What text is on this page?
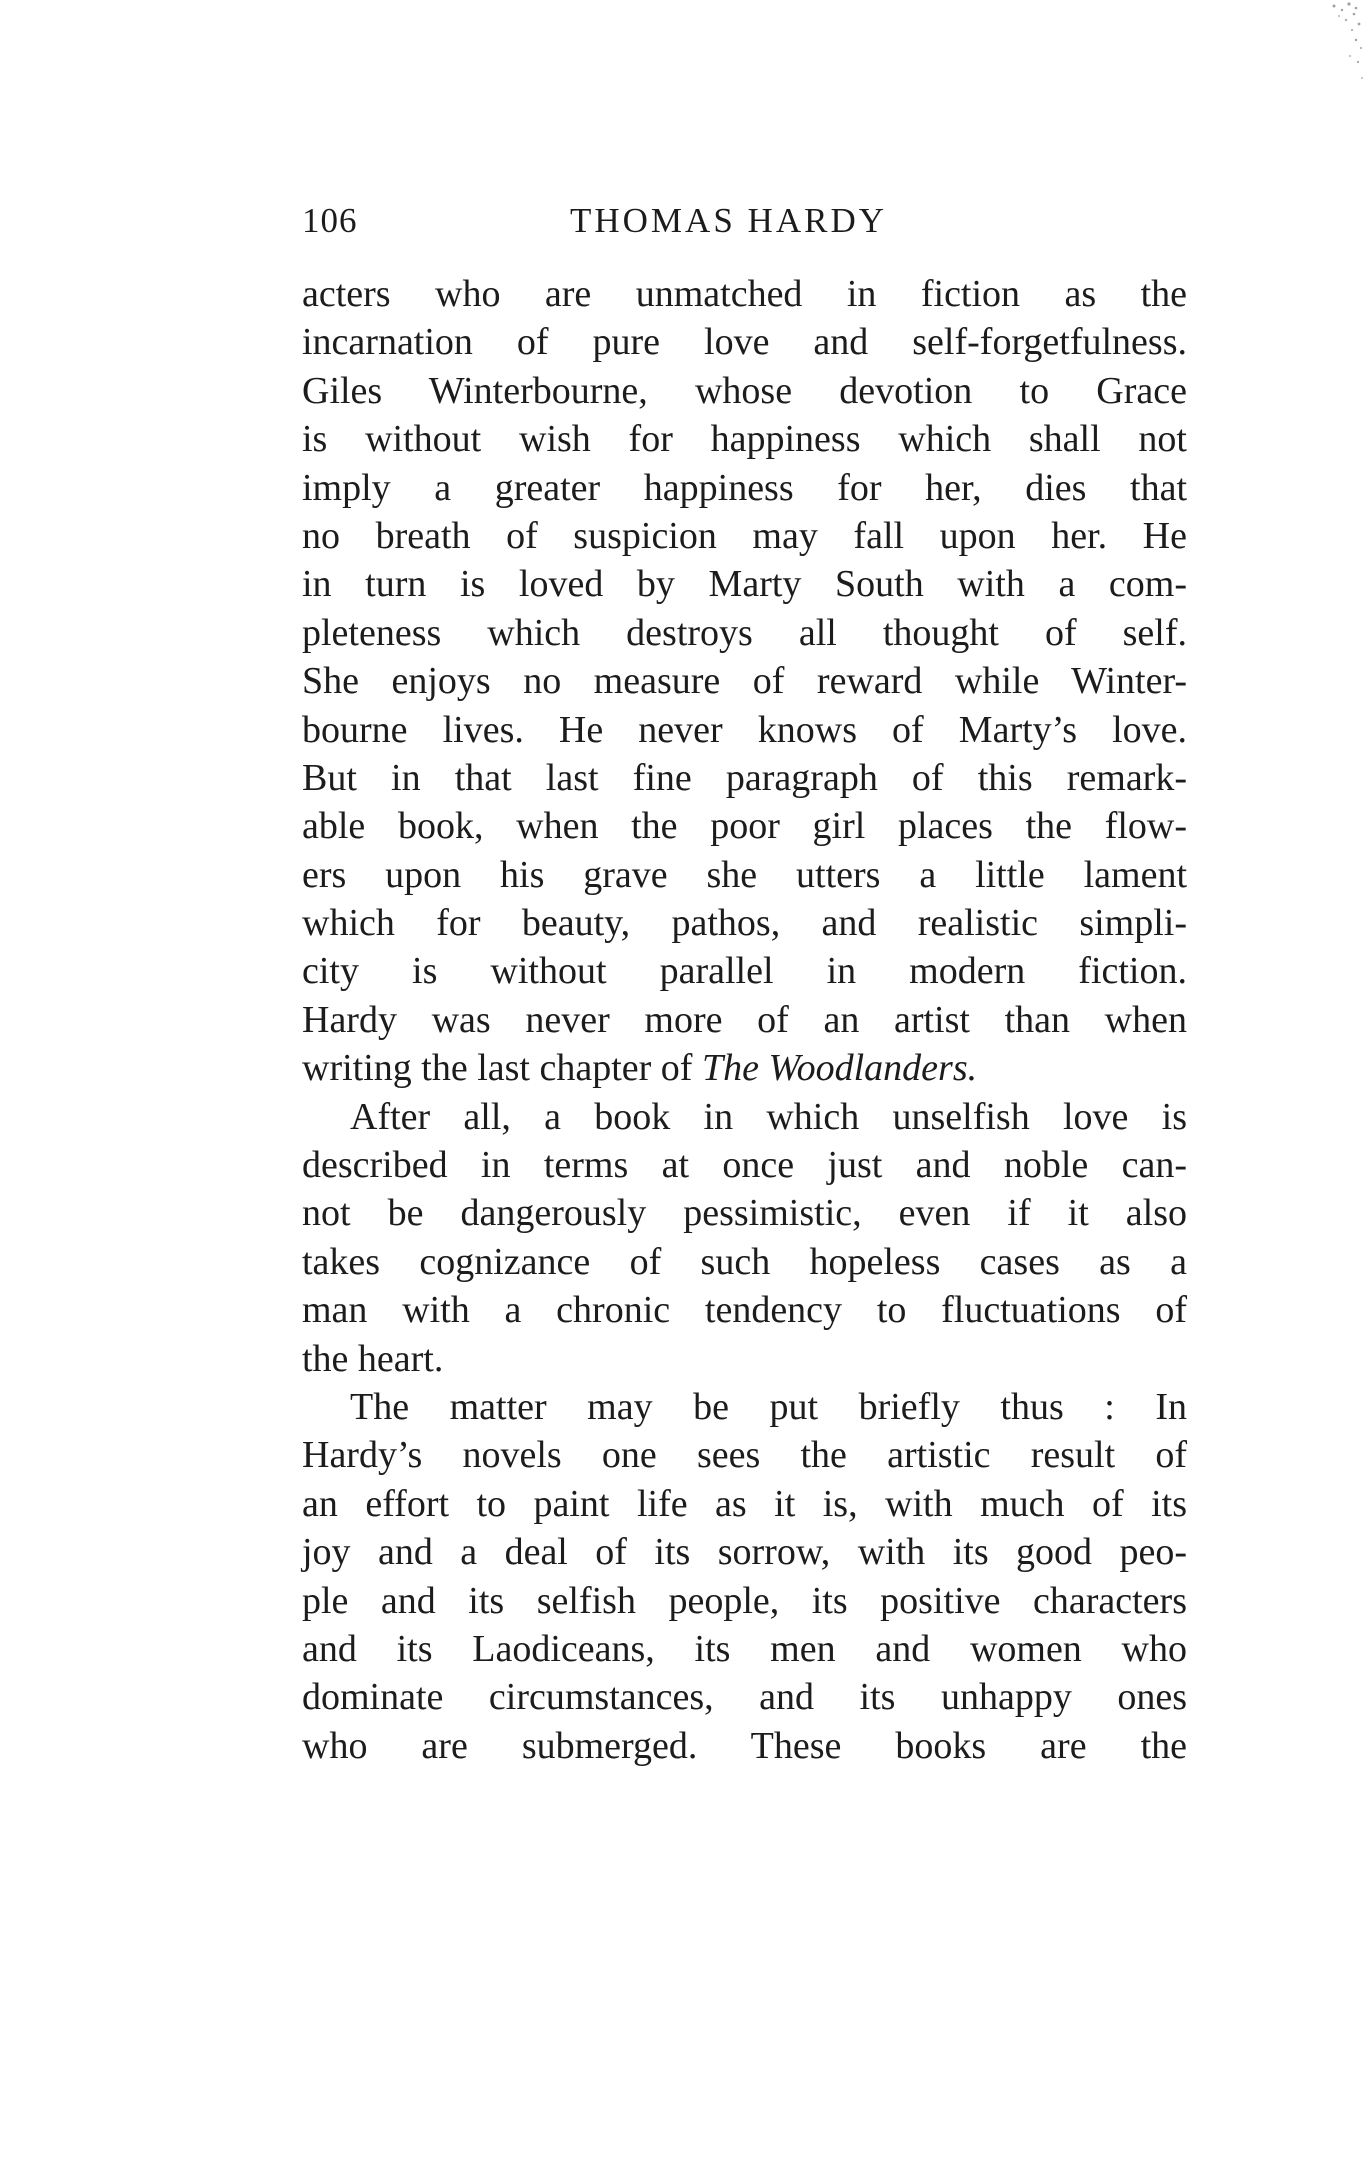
106	THOMAS HARDY
acters who are unmatched in fiction as the
incarnation of pure love and self-forgetfulness.
Giles Winterbourne, whose devotion to Grace
is without wish for happiness which shall not
imply a greater happiness for her, dies that
no breath of suspicion may fall upon her. He
in turn is loved by Marty South with a com-
pleteness which destroys all thought of self.
She enjoys no measure of reward while Winter-
bourne lives. He never knows of Marty’s love.
But in that last fine paragraph of this remark-
able book, when the poor girl places the flow-
ers upon his grave she utters a little lament
which for beauty, pathos, and realistic simpli-
city is without parallel in modern fiction.
Hardy was never more of an artist than when
writing the last chapter of The Woodlanders.
After all, a book in which unselfish love is
described in terms at once just and noble can-
not be dangerously pessimistic, even if it also
takes cognizance of such hopeless cases as a
man with a chronic tendency to fluctuations of
the heart.
The matter may be put briefly thus : In
Hardy’s novels one sees the artistic result of
an effort to paint life as it is, with much of its
joy and a deal of its sorrow, with its good peo-
ple and its selfish people, its positive characters
and its Laodiceans, its men and women who
dominate circumstances, and its unhappy ones
who are submerged. These books are the
